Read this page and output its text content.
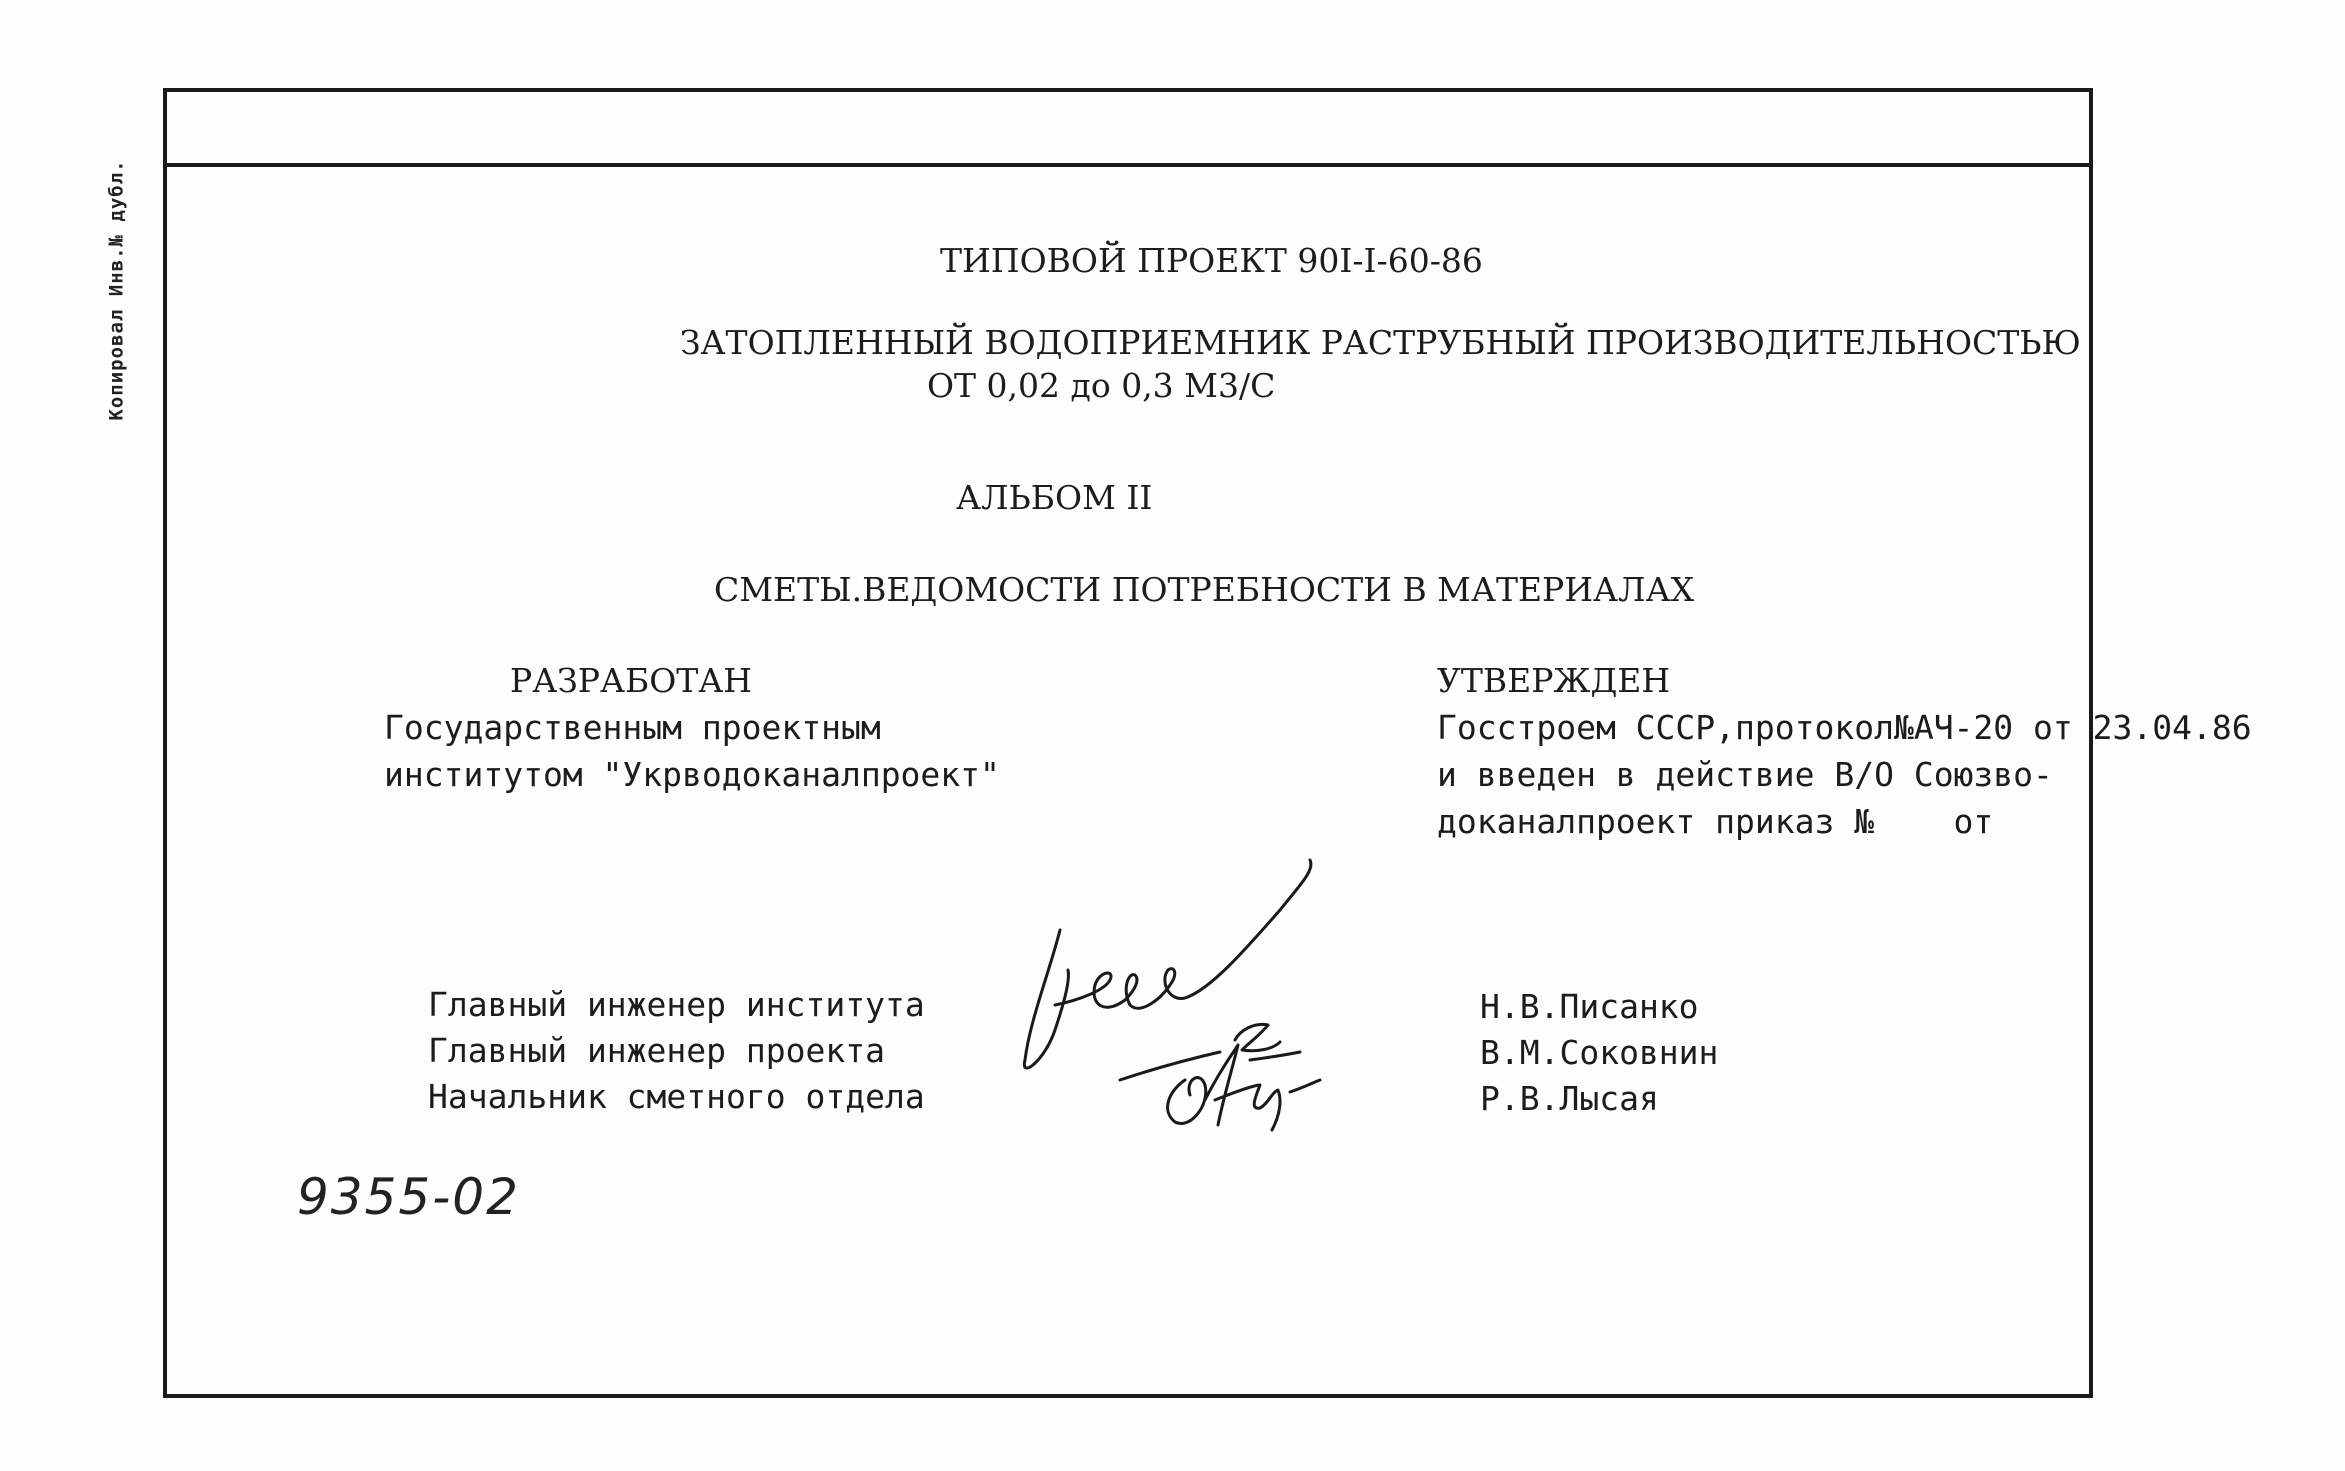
Копировал Инв.№ дубл.	ТИПОВОЙ ПРОЕКТ 90I-I-60-86
ЗАТОПЛЕННЫЙ ВОДОПРИЕМНИК РАСТРУБНЫЙ ПРОИЗВОДИТЕЛЬНОСТЬЮ
ОТ 0,02 до 0,3 М3/С
АЛЬБОМ II
СМЕТЫ.ВЕДОМОСТИ ПОТРЕБНОСТИ В МАТЕРИАЛАХ
РАЗРАБОТАН
Государственным проектным
институтом "Укрводоканалпроект"
УТВЕРЖДЕН
Госстроем СССР,протокол№АЧ-20 от 23.04.86
и введен в действие В/О Союзво-
доканалпроект приказ №    от
Главный инженер института
Главный инженер проекта
Начальник сметного отдела
Н.В.Писанко
В.М.Соковнин
Р.В.Лысая
9355-02
